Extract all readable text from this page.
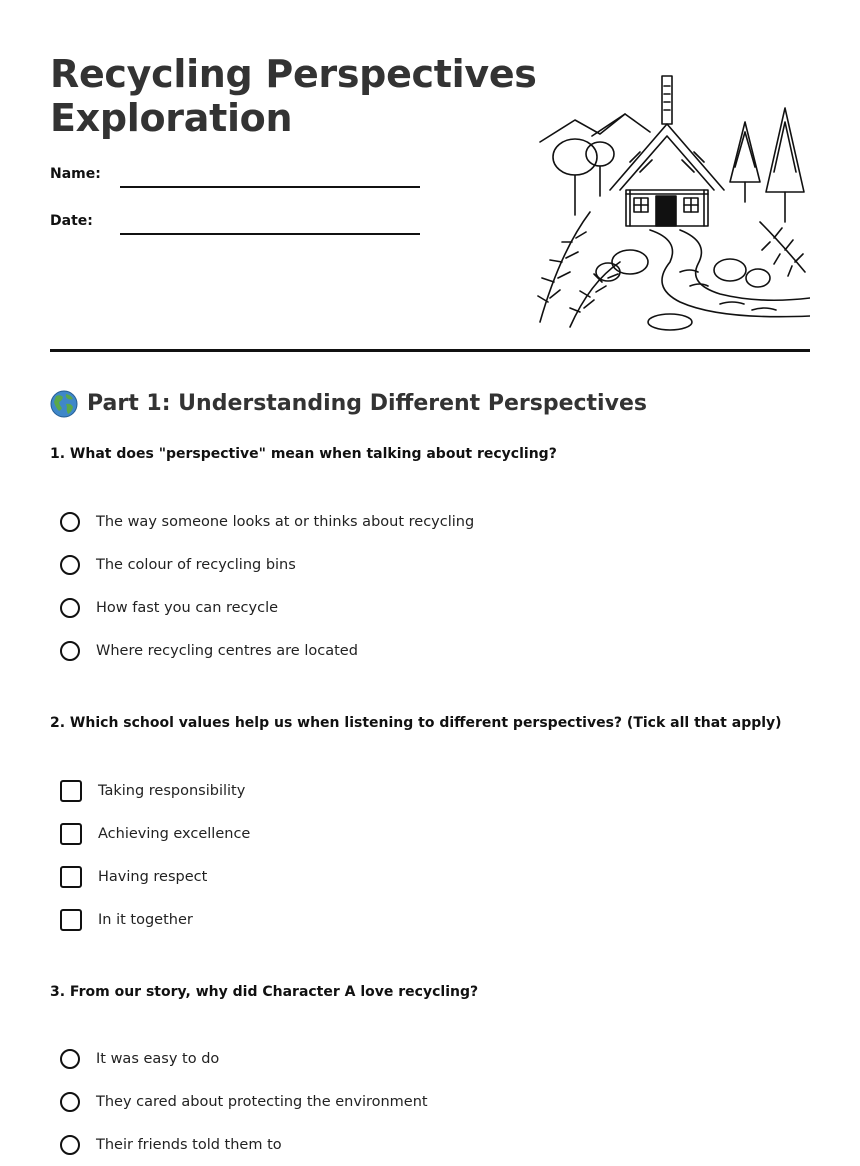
Recycling Perspectives
Exploration
Name:
Date:
Part 1: Understanding Different Perspectives

1. What does "perspective" mean when talking about recycling?

The way someone looks at or thinks about recycling
The colour of recycling bins
How fast you can recycle
Where recycling centres are located

2. Which school values help us when listening to different perspectives? (Tick all that apply)

Taking responsibility
Achieving excellence
Having respect
In it together

3. From our story, why did Character A love recycling?

It was easy to do
They cared about protecting the environment
Their friends told them to
